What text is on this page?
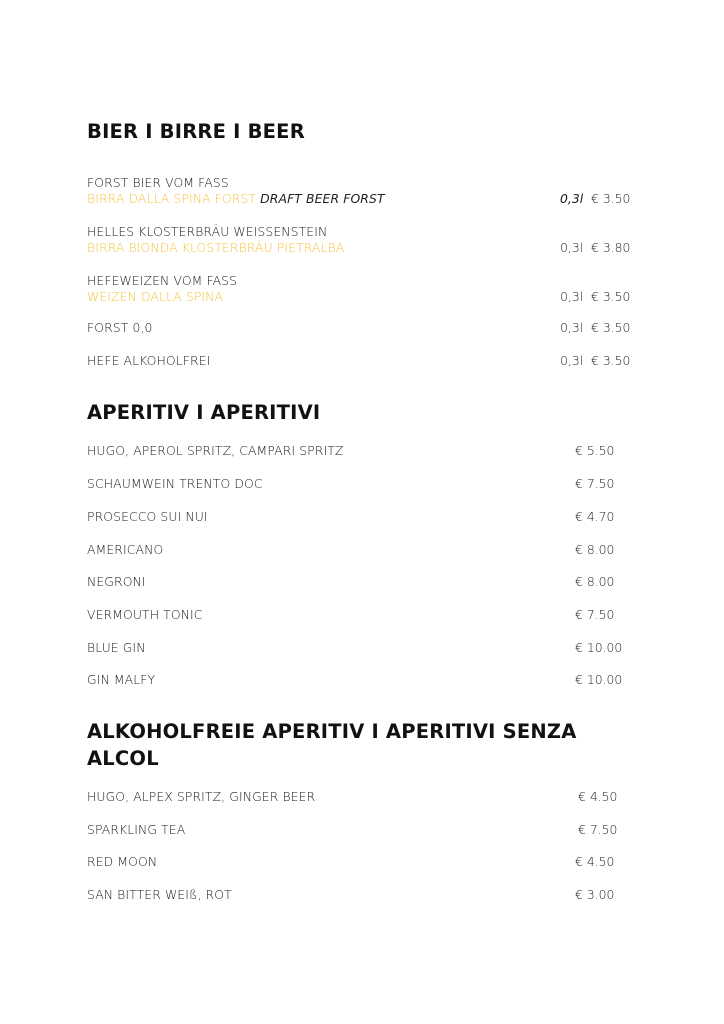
BIER I BIRRE I BEER
FORST BIER VOM FASS
BIRRA DALLA SPINA FORST DRAFT BEER FORST	0,3l € 3.50
HELLES KLOSTERBRÄU WEISSENSTEIN
BIRRA BIONDA KLOSTERBRÄU PIETRALBA	0,3l € 3.80
HEFEWEIZEN VOM FASS
WEIZEN DALLA SPINA	0,3l € 3.50
FORST 0,0	0,3l € 3.50
HEFE ALKOHOLFREI	0,3l € 3.50
APERITIV I APERITIVI
HUGO, APEROL SPRITZ, CAMPARI SPRITZ	€ 5.50
SCHAUMWEIN TRENTO DOC	€ 7.50
PROSECCO SUI NUI	€ 4.70
AMERICANO	€ 8.00
NEGRONI	€ 8.00
VERMOUTH TONIC	€ 7.50
BLUE GIN	€ 10.00
GIN MALFY	€ 10.00
ALKOHOLFREIE APERITIV I APERITIVI SENZA ALCOL
HUGO, ALPEX SPRITZ, GINGER BEER	€ 4.50
SPARKLING TEA	€ 7.50
RED MOON	€ 4.50
SAN BITTER WEIß, ROT	€ 3.00
